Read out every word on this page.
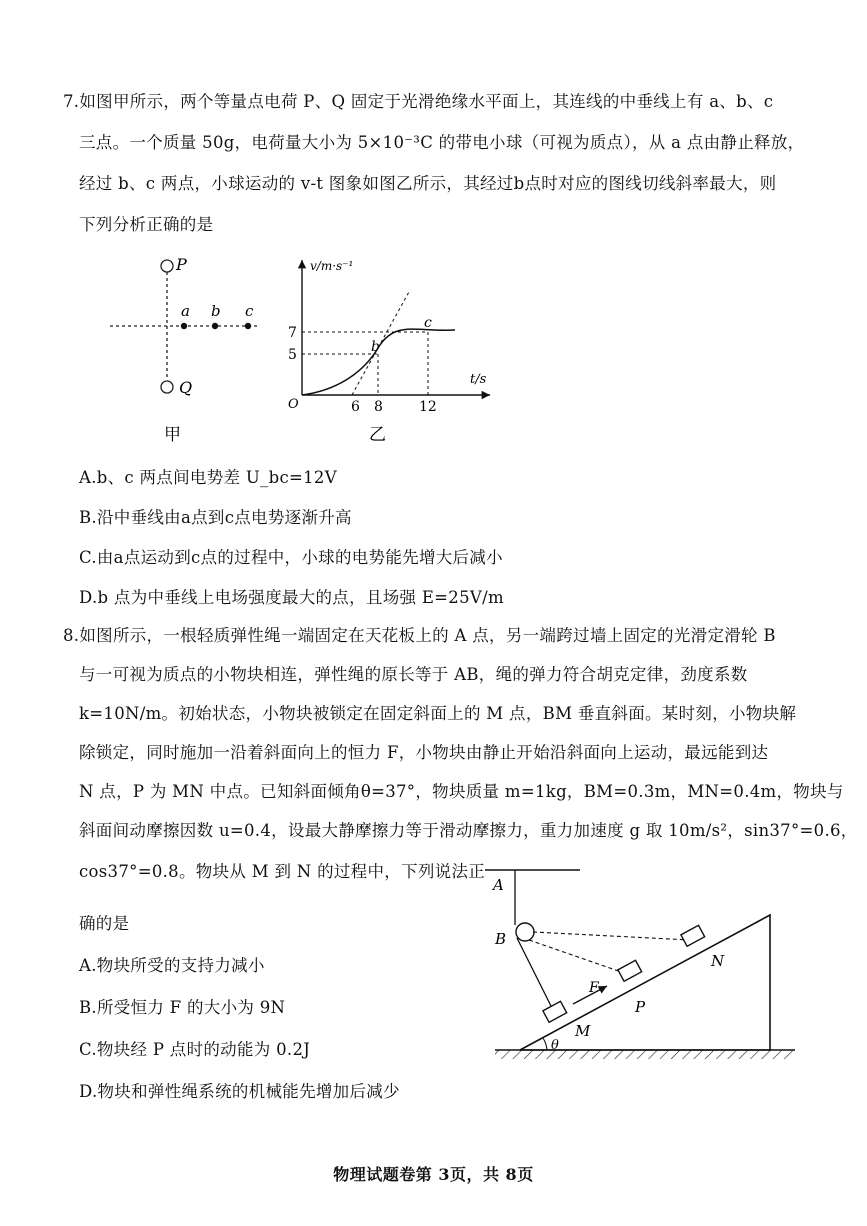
7.如图甲所示，两个等量点电荷 P、Q 固定于光滑绝缘水平面上，其连线的中垂线上有 a、b、c
三点。一个质量 50g，电荷量大小为 5×10⁻³C 的带电小球（可视为质点），从 a 点由静止释放，
经过 b、c 两点，小球运动的 v-t 图象如图乙所示，其经过b点时对应的图线切线斜率最大，则
下列分析正确的是
P
Q
a b c
甲
v/m·s⁻¹
t/s
O
7
5
6 8	12
b
c
乙
A.b、c 两点间电势差 U_bc=12V
B.沿中垂线由a点到c点电势逐渐升高
C.由a点运动到c点的过程中，小球的电势能先增大后减小
D.b 点为中垂线上电场强度最大的点，且场强 E=25V/m
8.如图所示，一根轻质弹性绳一端固定在天花板上的 A 点，另一端跨过墙上固定的光滑定滑轮 B
与一可视为质点的小物块相连，弹性绳的原长等于 AB，绳的弹力符合胡克定律，劲度系数
k=10N/m。初始状态，小物块被锁定在固定斜面上的 M 点，BM 垂直斜面。某时刻，小物块解
除锁定，同时施加一沿着斜面向上的恒力 F，小物块由静止开始沿斜面向上运动，最远能到达
N 点，P 为 MN 中点。已知斜面倾角θ=37°，物块质量 m=1kg，BM=0.3m，MN=0.4m，物块与
斜面间动摩擦因数 u=0.4，设最大静摩擦力等于滑动摩擦力，重力加速度 g 取 10m/s²，sin37°=0.6，
cos37°=0.8。物块从 M 到 N 的过程中，下列说法正
确的是
A.物块所受的支持力减小
B.所受恒力 F 的大小为 9N
C.物块经 P 点时的动能为 0.2J
D.物块和弹性绳系统的机械能先增加后减少
A
B
N
P
M
F
θ
物理试题卷第 3页，共 8页
